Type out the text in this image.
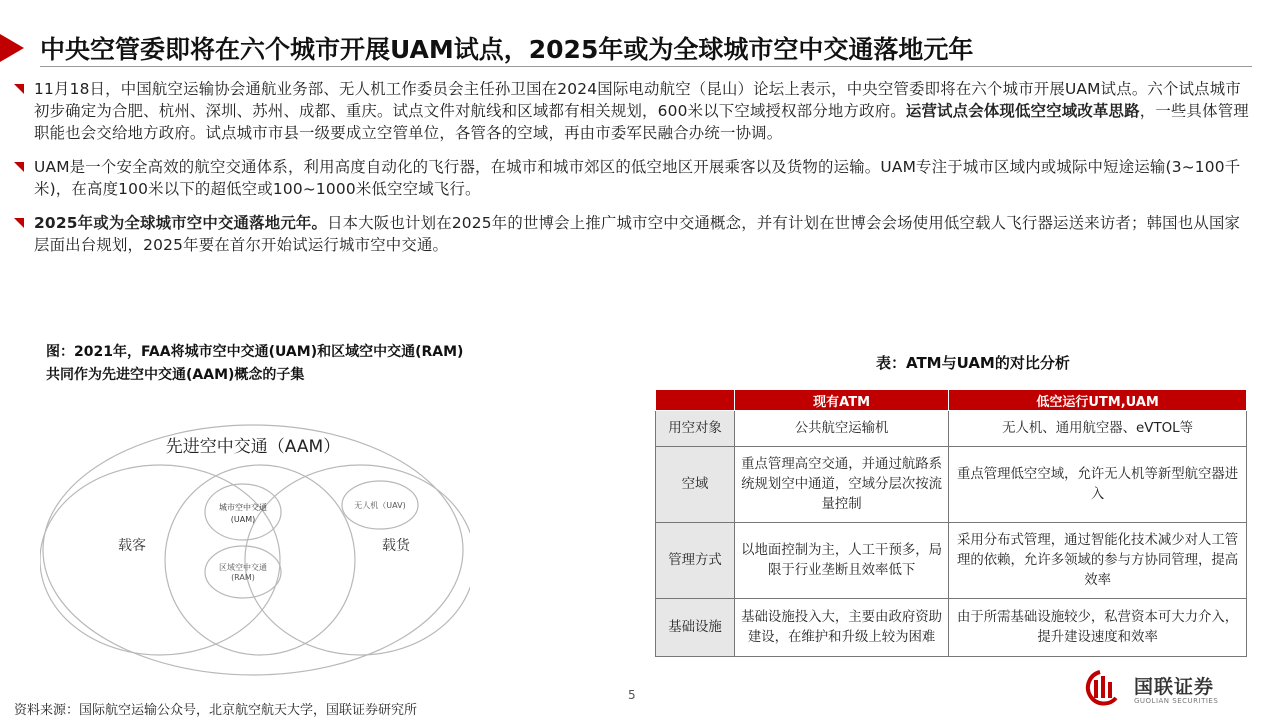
中央空管委即将在六个城市开展UAM试点，2025年或为全球城市空中交通落地元年
11月18日，中国航空运输协会通航业务部、无人机工作委员会主任孙卫国在2024国际电动航空（昆山）论坛上表示，中央空管委即将在六个城市开展UAM试点。六个试点城市初步确定为合肥、杭州、深圳、苏州、成都、重庆。试点文件对航线和区域都有相关规划，600米以下空域授权部分地方政府。运营试点会体现低空空域改革思路，一些具体管理职能也会交给地方政府。试点城市市县一级要成立空管单位，各管各的空域，再由市委军民融合办统一协调。
UAM是一个安全高效的航空交通体系，利用高度自动化的飞行器，在城市和城市郊区的低空地区开展乘客以及货物的运输。UAM专注于城市区域内或城际中短途运输(3~100千米)，在高度100米以下的超低空或100~1000米低空空域飞行。
2025年或为全球城市空中交通落地元年。日本大阪也计划在2025年的世博会上推广城市空中交通概念，并有计划在世博会会场使用低空载人飞行器运送来访者；韩国也从国家层面出台规划，2025年要在首尔开始试运行城市空中交通。
图：2021年，FAA将城市空中交通(UAM)和区域空中交通(RAM)
共同作为先进空中交通(AAM)概念的子集
先进空中交通（AAM）
载客	载货
城市空中交通
(UAM)
区域空中交通
(RAM)
无人机（UAV)
表：ATM与UAM的对比分析
	现有ATM	低空运行UTM,UAM
用空对象	公共航空运输机	无人机、通用航空器、eVTOL等
空域	重点管理高空交通，并通过航路系统规划空中通道，空域分层次按流量控制	重点管理低空空域，允许无人机等新型航空器进入
管理方式	以地面控制为主，人工干预多，局限于行业垄断且效率低下	采用分布式管理，通过智能化技术减少对人工管理的依赖，允许多领域的参与方协同管理，提高效率
基础设施	基础设施投入大，主要由政府资助建设，在维护和升级上较为困难	由于所需基础设施较少，私营资本可大力介入，提升建设速度和效率
资料来源：国际航空运输公众号，北京航空航天大学，国联证券研究所
5	国联证券
GUOLIAN SECURITIES
